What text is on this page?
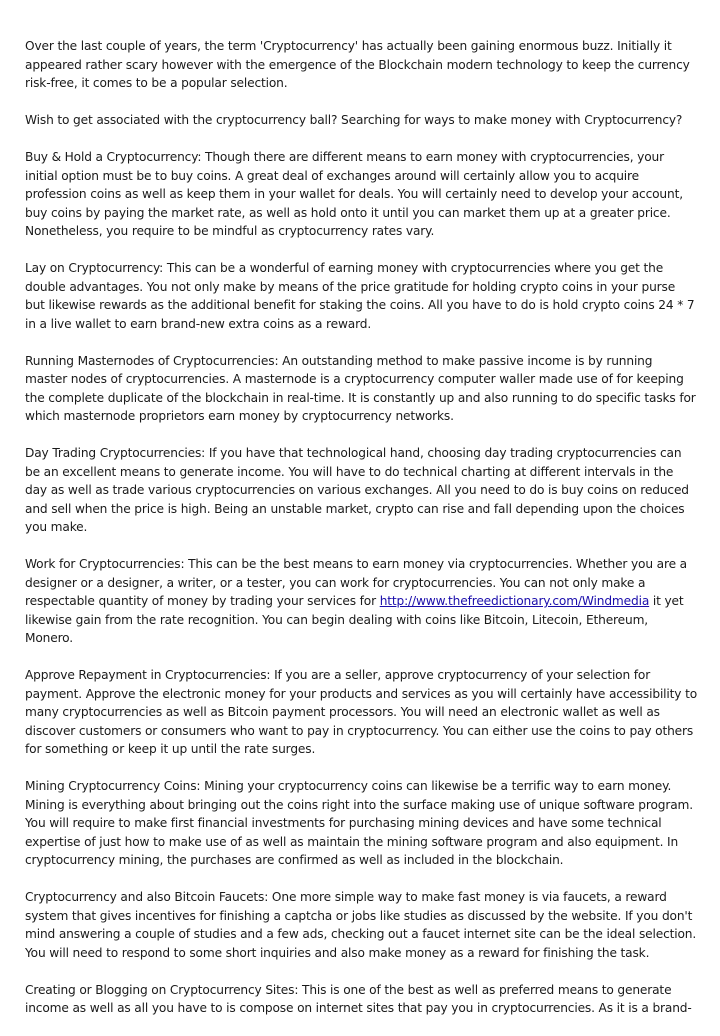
Over the last couple of years, the term 'Cryptocurrency' has actually been gaining enormous buzz. Initially it appeared rather scary however with the emergence of the Blockchain modern technology to keep the currency risk-free, it comes to be a popular selection.

Wish to get associated with the cryptocurrency ball? Searching for ways to make money with Cryptocurrency?

Buy & Hold a Cryptocurrency: Though there are different means to earn money with cryptocurrencies, your initial option must be to buy coins. A great deal of exchanges around will certainly allow you to acquire profession coins as well as keep them in your wallet for deals. You will certainly need to develop your account, buy coins by paying the market rate, as well as hold onto it until you can market them up at a greater price. Nonetheless, you require to be mindful as cryptocurrency rates vary.

Lay on Cryptocurrency: This can be a wonderful of earning money with cryptocurrencies where you get the double advantages. You not only make by means of the price gratitude for holding crypto coins in your purse but likewise rewards as the additional benefit for staking the coins. All you have to do is hold crypto coins 24 * 7 in a live wallet to earn brand-new extra coins as a reward.

Running Masternodes of Cryptocurrencies: An outstanding method to make passive income is by running master nodes of cryptocurrencies. A masternode is a cryptocurrency computer waller made use of for keeping the complete duplicate of the blockchain in real-time. It is constantly up and also running to do specific tasks for which masternode proprietors earn money by cryptocurrency networks.

Day Trading Cryptocurrencies: If you have that technological hand, choosing day trading cryptocurrencies can be an excellent means to generate income. You will have to do technical charting at different intervals in the day as well as trade various cryptocurrencies on various exchanges. All you need to do is buy coins on reduced and sell when the price is high. Being an unstable market, crypto can rise and fall depending upon the choices you make.

Work for Cryptocurrencies: This can be the best means to earn money via cryptocurrencies. Whether you are a designer or a designer, a writer, or a tester, you can work for cryptocurrencies. You can not only make a respectable quantity of money by trading your services for http://www.thefreedictionary.com/Windmedia it yet likewise gain from the rate recognition. You can begin dealing with coins like Bitcoin, Litecoin, Ethereum, Monero.

Approve Repayment in Cryptocurrencies: If you are a seller, approve cryptocurrency of your selection for payment. Approve the electronic money for your products and services as you will certainly have accessibility to many cryptocurrencies as well as Bitcoin payment processors. You will need an electronic wallet as well as discover customers or consumers who want to pay in cryptocurrency. You can either use the coins to pay others for something or keep it up until the rate surges.

Mining Cryptocurrency Coins: Mining your cryptocurrency coins can likewise be a terrific way to earn money. Mining is everything about bringing out the coins right into the surface making use of unique software program. You will require to make first financial investments for purchasing mining devices and have some technical expertise of just how to make use of as well as maintain the mining software program and also equipment. In cryptocurrency mining, the purchases are confirmed as well as included in the blockchain.

Cryptocurrency and also Bitcoin Faucets: One more simple way to make fast money is via faucets, a reward system that gives incentives for finishing a captcha or jobs like studies as discussed by the website. If you don't mind answering a couple of studies and a few ads, checking out a faucet internet site can be the ideal selection. You will need to respond to some short inquiries and also make money as a reward for finishing the task.

Creating or Blogging on Cryptocurrency Sites: This is one of the best as well as preferred means to generate income as well as all you have to is compose on internet sites that pay you in cryptocurrencies. As it is a brand-
